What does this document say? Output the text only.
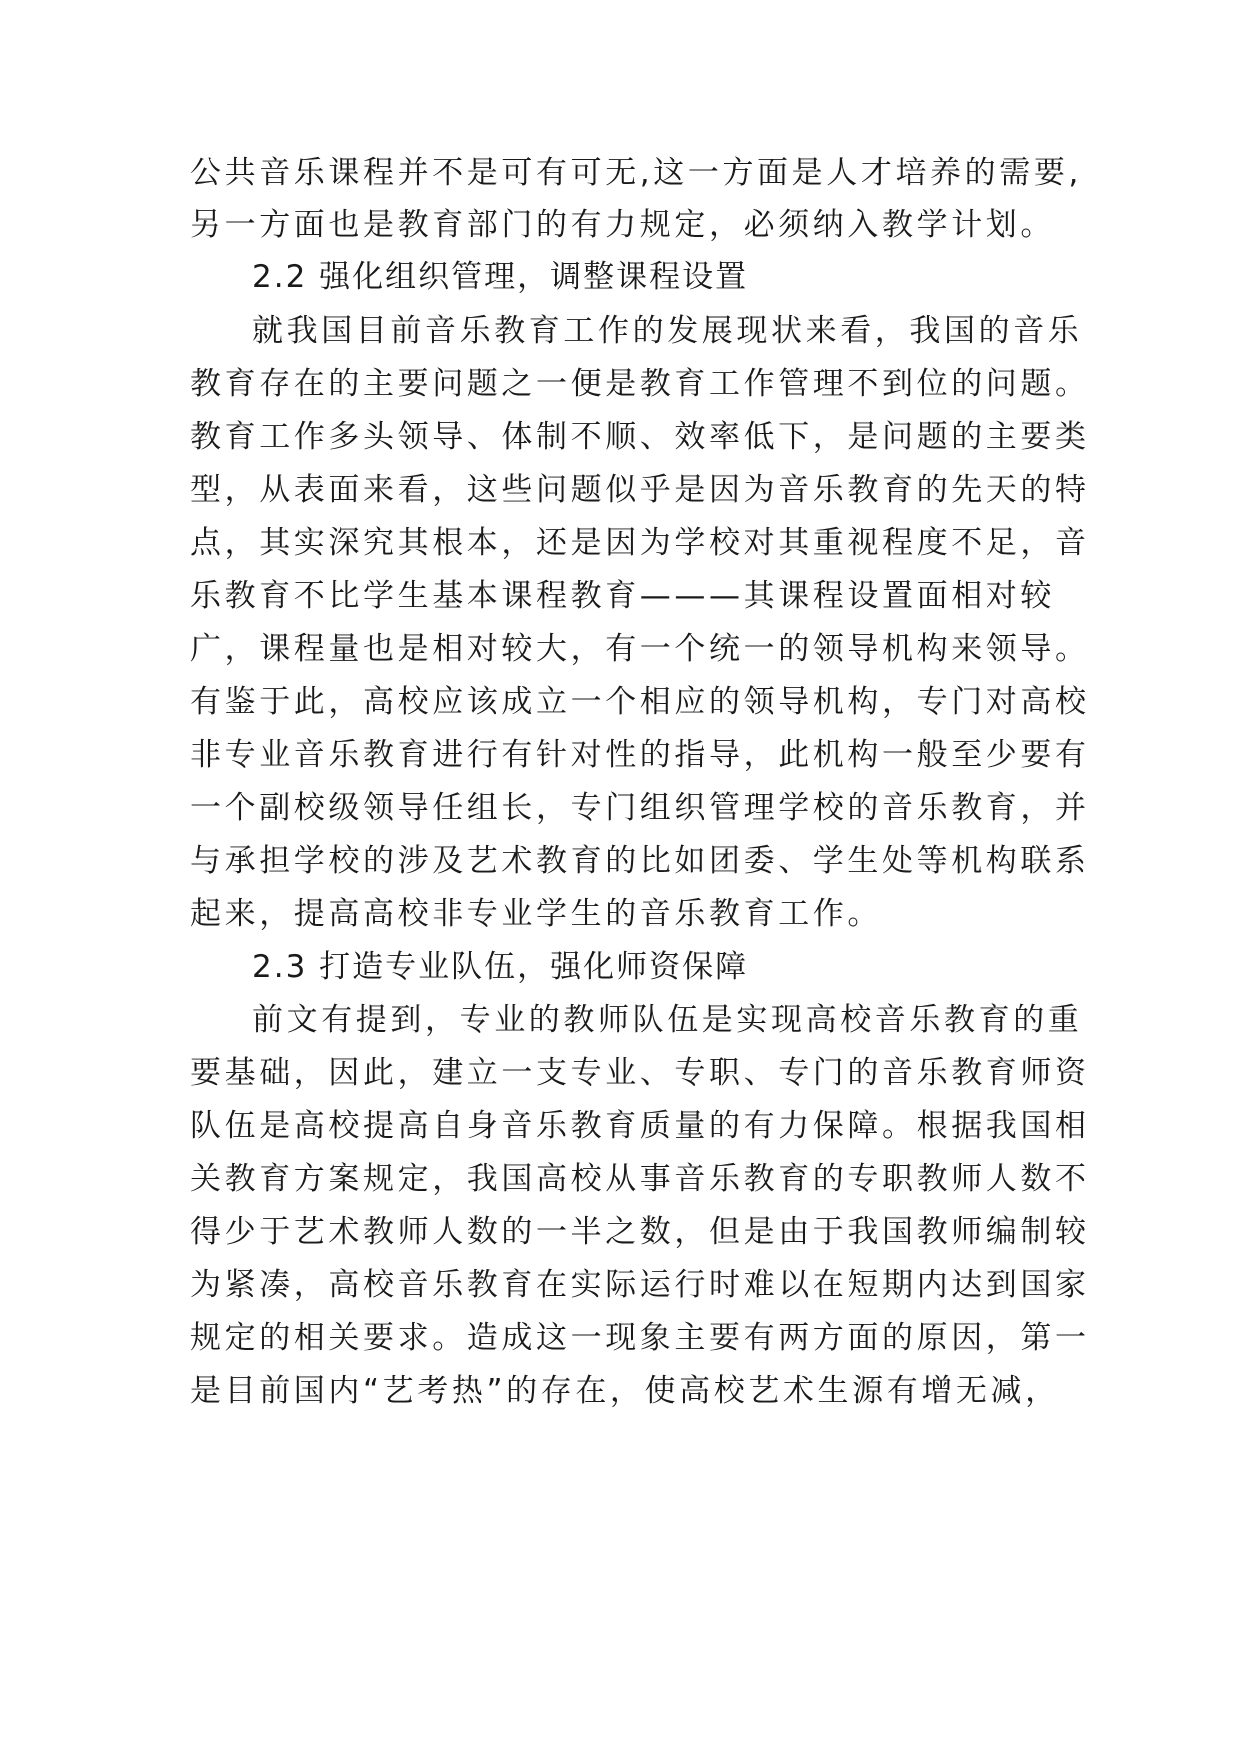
公共音乐课程并不是可有可无,这一方面是人才培养的需要,
另一方面也是教育部门的有力规定，必须纳入教学计划。
2.2 强化组织管理，调整课程设置
就我国目前音乐教育工作的发展现状来看，我国的音乐
教育存在的主要问题之一便是教育工作管理不到位的问题。
教育工作多头领导、体制不顺、效率低下，是问题的主要类
型，从表面来看，这些问题似乎是因为音乐教育的先天的特
点，其实深究其根本，还是因为学校对其重视程度不足，音
乐教育不比学生基本课程教育———其课程设置面相对较
广，课程量也是相对较大，有一个统一的领导机构来领导。
有鉴于此，高校应该成立一个相应的领导机构，专门对高校
非专业音乐教育进行有针对性的指导，此机构一般至少要有
一个副校级领导任组长，专门组织管理学校的音乐教育，并
与承担学校的涉及艺术教育的比如团委、学生处等机构联系
起来，提高高校非专业学生的音乐教育工作。
2.3 打造专业队伍，强化师资保障
前文有提到，专业的教师队伍是实现高校音乐教育的重
要基础，因此，建立一支专业、专职、专门的音乐教育师资
队伍是高校提高自身音乐教育质量的有力保障。根据我国相
关教育方案规定，我国高校从事音乐教育的专职教师人数不
得少于艺术教师人数的一半之数，但是由于我国教师编制较
为紧凑，高校音乐教育在实际运行时难以在短期内达到国家
规定的相关要求。造成这一现象主要有两方面的原因，第一
是目前国内“艺考热”的存在，使高校艺术生源有增无减，
